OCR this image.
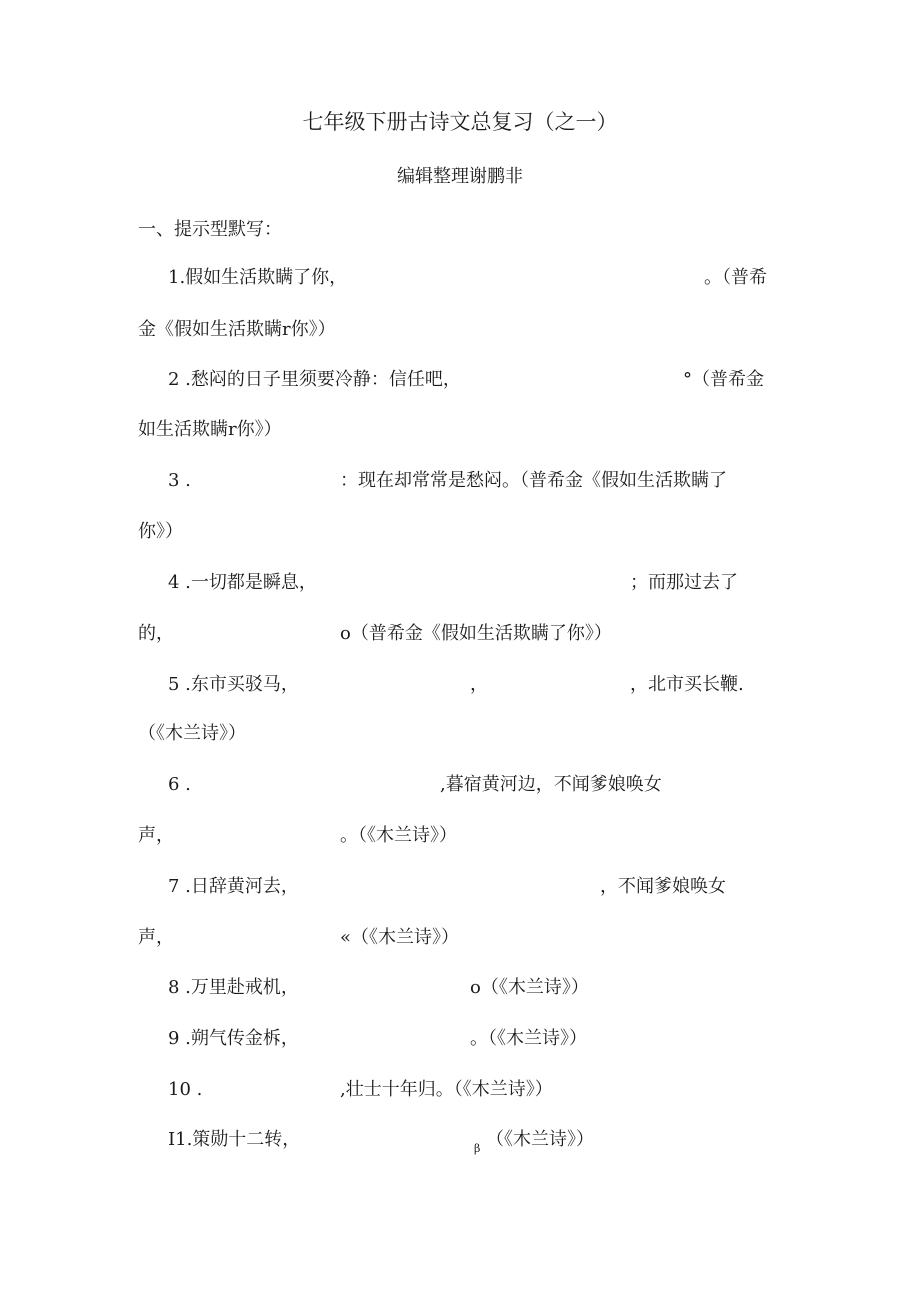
七年级下册古诗文总复习（之一）
编辑整理谢鹏非
一、提示型默写：
1.假如生活欺瞒了你，	。（普希
金《假如生活欺瞒r你》）
2 .愁闷的日子里须要冷静：信任吧，	°（普希金
如生活欺瞒r你》）
3 .	：现在却常常是愁闷。（普希金《假如生活欺瞒了
你》）
4 .一切都是瞬息，	；而那过去了
的，	o（普希金《假如生活欺瞒了你》）
5 .东市买驳马，	，	，北市买长鞭.
（《木兰诗》）
6 .	,暮宿黄河边，不闻爹娘唤女
声，	。（《木兰诗》）
7 .日辞黄河去，	，不闻爹娘唤女
声，	«（《木兰诗》）
8 .万里赴戒机，	o（《木兰诗》）
9 .朔气传金柝，	。（《木兰诗》）
10 .	,壮士十年归。（《木兰诗》）
I1.策勋十二转，	β （《木兰诗》）
